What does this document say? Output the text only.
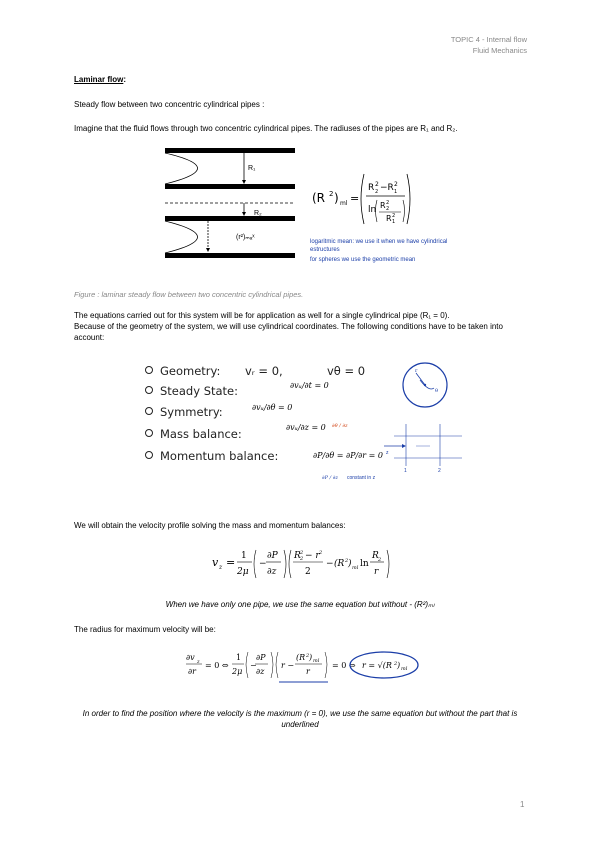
TOPIC 4 - Internal flow
Fluid Mechanics
Laminar flow:
Steady flow between two concentric cylindrical pipes :
Imagine that the fluid flows through two concentric cylindrical pipes. The radiuses of the pipes are R₁ and R₂.
R₁
R₂
(r²)ₘₐˣ
(R 2 ) ml =
R 2
2 −R 2
1
ln R 2
2
R 2
1
logaritmic mean: we use it when we have cylindrical estructures
for spheres we use the geometric mean
Figure : laminar steady flow between two concentric cylindrical pipes.
The equations carried out for this system will be for application as well for a single cylindrical pipe (R₁ = 0).
Because of the geometry of the system, we will use cylindrical coordinates. The following conditions have to be taken into account:
Geometry:
Steady State:
Symmetry:
Mass balance:
Momentum balance:
vᵣ = 0,	vθ = 0
∂vᵤ/∂t = 0
∂vᵤ/∂θ = 0
∂vᵤ/∂z = 0
∂P/∂θ = ∂P/∂r = 0
∂θ / ∂z
∂P / ∂z constant in z
r
θ
z
1	2
We will obtain the velocity profile solving the mass and momentum balances:
v z = 1
2μ
−
∂P
∂z
R 2
2 − r 2
2
− (R 2 ) ml ln
R 2
r
When we have only one pipe, we use the same equation but without - (R²)ₘₗ
The radius for maximum velocity will be:
∂v z
∂r
= 0 ⇔
1
2μ
−
∂P
∂z
r −
(R 2 ) ml
r
= 0 ⇔ r = √(R 2 ) ml
In order to find the position where the velocity is the maximum (r = 0), we use the same equation but without the part that is underlined
1
